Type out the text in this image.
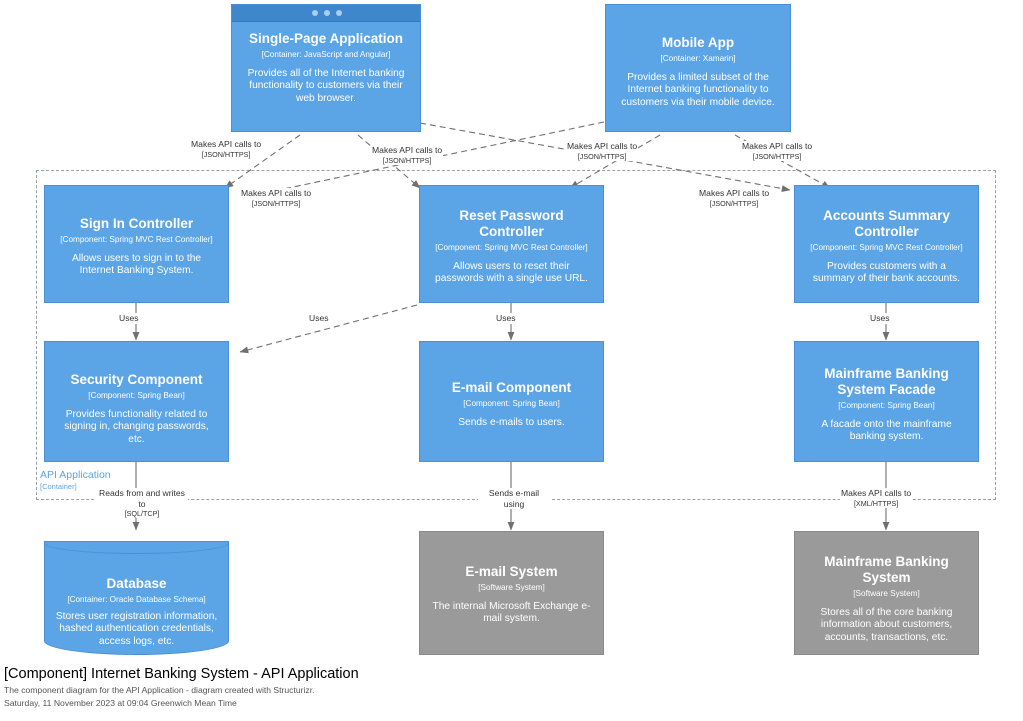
API Application
[Container]
Single-Page Application
[Container: JavaScript and Angular]
Provides all of the Internet banking functionality to customers via their web browser.
Mobile App
[Container: Xamarin]
Provides a limited subset of the Internet banking functionality to customers via their mobile device.
Sign In Controller
[Component: Spring MVC Rest Controller]
Allows users to sign in to the Internet Banking System.
Reset Password Controller
[Component: Spring MVC Rest Controller]
Allows users to reset their passwords with a single use URL.
Accounts Summary Controller
[Component: Spring MVC Rest Controller]
Provides customers with a summary of their bank accounts.
Security Component
[Component: Spring Bean]
Provides functionality related to signing in, changing passwords, etc.
E-mail Component
[Component: Spring Bean]
Sends e-mails to users.
Mainframe Banking System Facade
[Component: Spring Bean]
A facade onto the mainframe banking system.
Database
[Container: Oracle Database Schema]
Stores user registration information, hashed authentication credentials, access logs, etc.
E-mail System
[Software System]
The internal Microsoft Exchange e-mail system.
Mainframe Banking System
[Software System]
Stores all of the core banking information about customers, accounts, transactions, etc.
Makes API calls to
[JSON/HTTPS]	Makes API calls to
[JSON/HTTPS]
Makes API calls to
[JSON/HTTPS]
Makes API calls to
[JSON/HTTPS]
Makes API calls to
[JSON/HTTPS]
Makes API calls to
[JSON/HTTPS]
Uses	Uses	Uses	Uses
Reads from and writes to
[SQL/TCP]
Sends e-mail using
Makes API calls to
[XML/HTTPS]
[Component] Internet Banking System - API Application
The component diagram for the API Application - diagram created with Structurizr.
Saturday, 11 November 2023 at 09:04 Greenwich Mean Time
